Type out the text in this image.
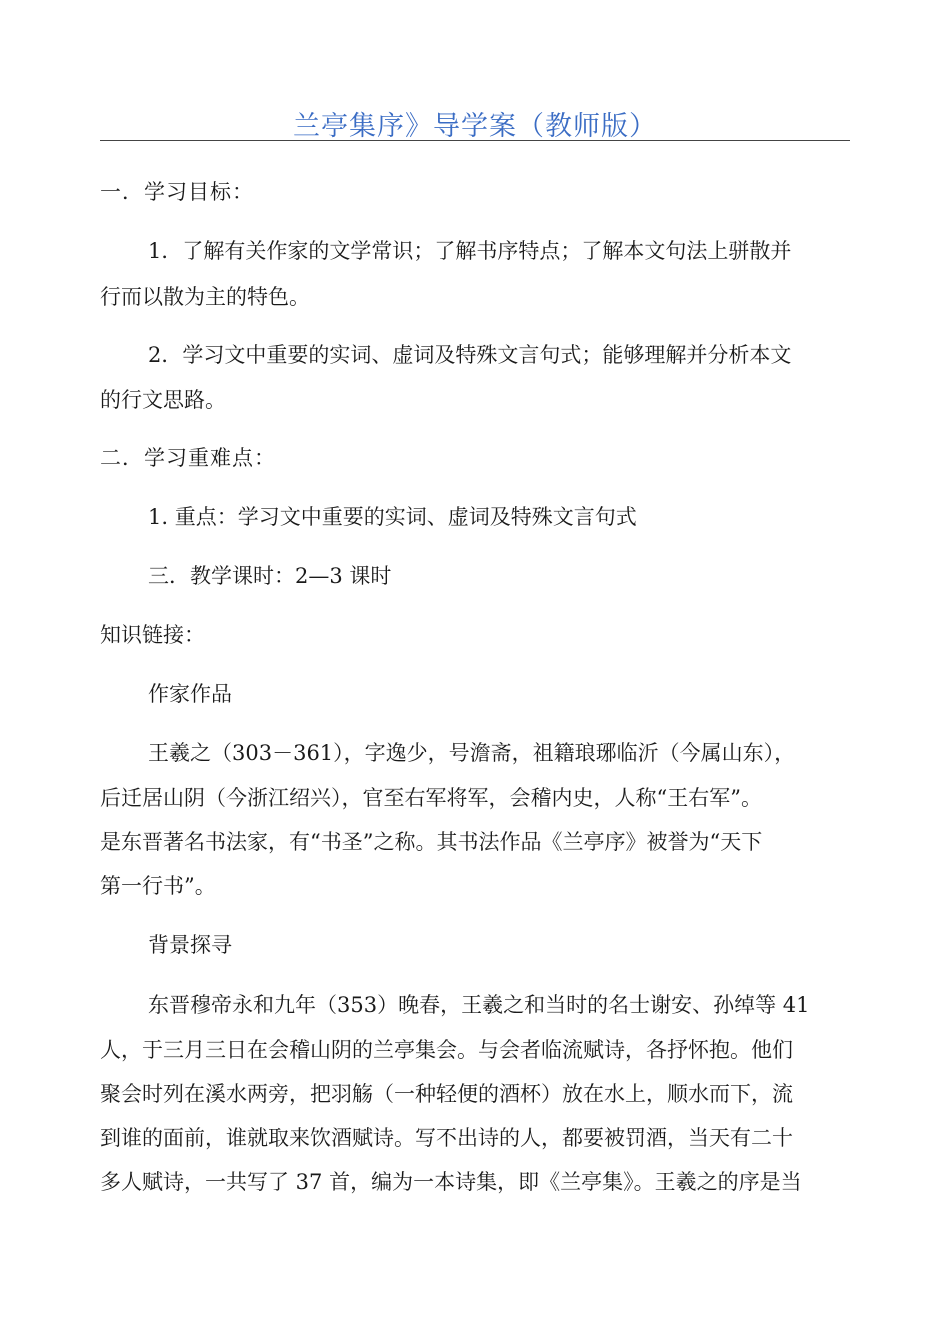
兰亭集序》导学案（教师版）
一．学习目标：
1．了解有关作家的文学常识；了解书序特点；了解本文句法上骈散并
行而以散为主的特色。
2．学习文中重要的实词、虚词及特殊文言句式；能够理解并分析本文
的行文思路。
二．学习重难点：
1. 重点：学习文中重要的实词、虚词及特殊文言句式
三．教学课时：2—3 课时
知识链接：
作家作品
王羲之（303－361），字逸少，号澹斋，祖籍琅琊临沂（今属山东），
后迁居山阴（今浙江绍兴），官至右军将军，会稽内史，人称“王右军”。
是东晋著名书法家，有“书圣”之称。其书法作品《兰亭序》被誉为“天下
第一行书”。
背景探寻
东晋穆帝永和九年（353）晚春，王羲之和当时的名士谢安、孙绰等 41
人，于三月三日在会稽山阴的兰亭集会。与会者临流赋诗，各抒怀抱。他们
聚会时列在溪水两旁，把羽觞（一种轻便的酒杯）放在水上，顺水而下，流
到谁的面前，谁就取来饮酒赋诗。写不出诗的人，都要被罚酒，当天有二十
多人赋诗，一共写了 37 首，编为一本诗集，即《兰亭集》。王羲之的序是当
